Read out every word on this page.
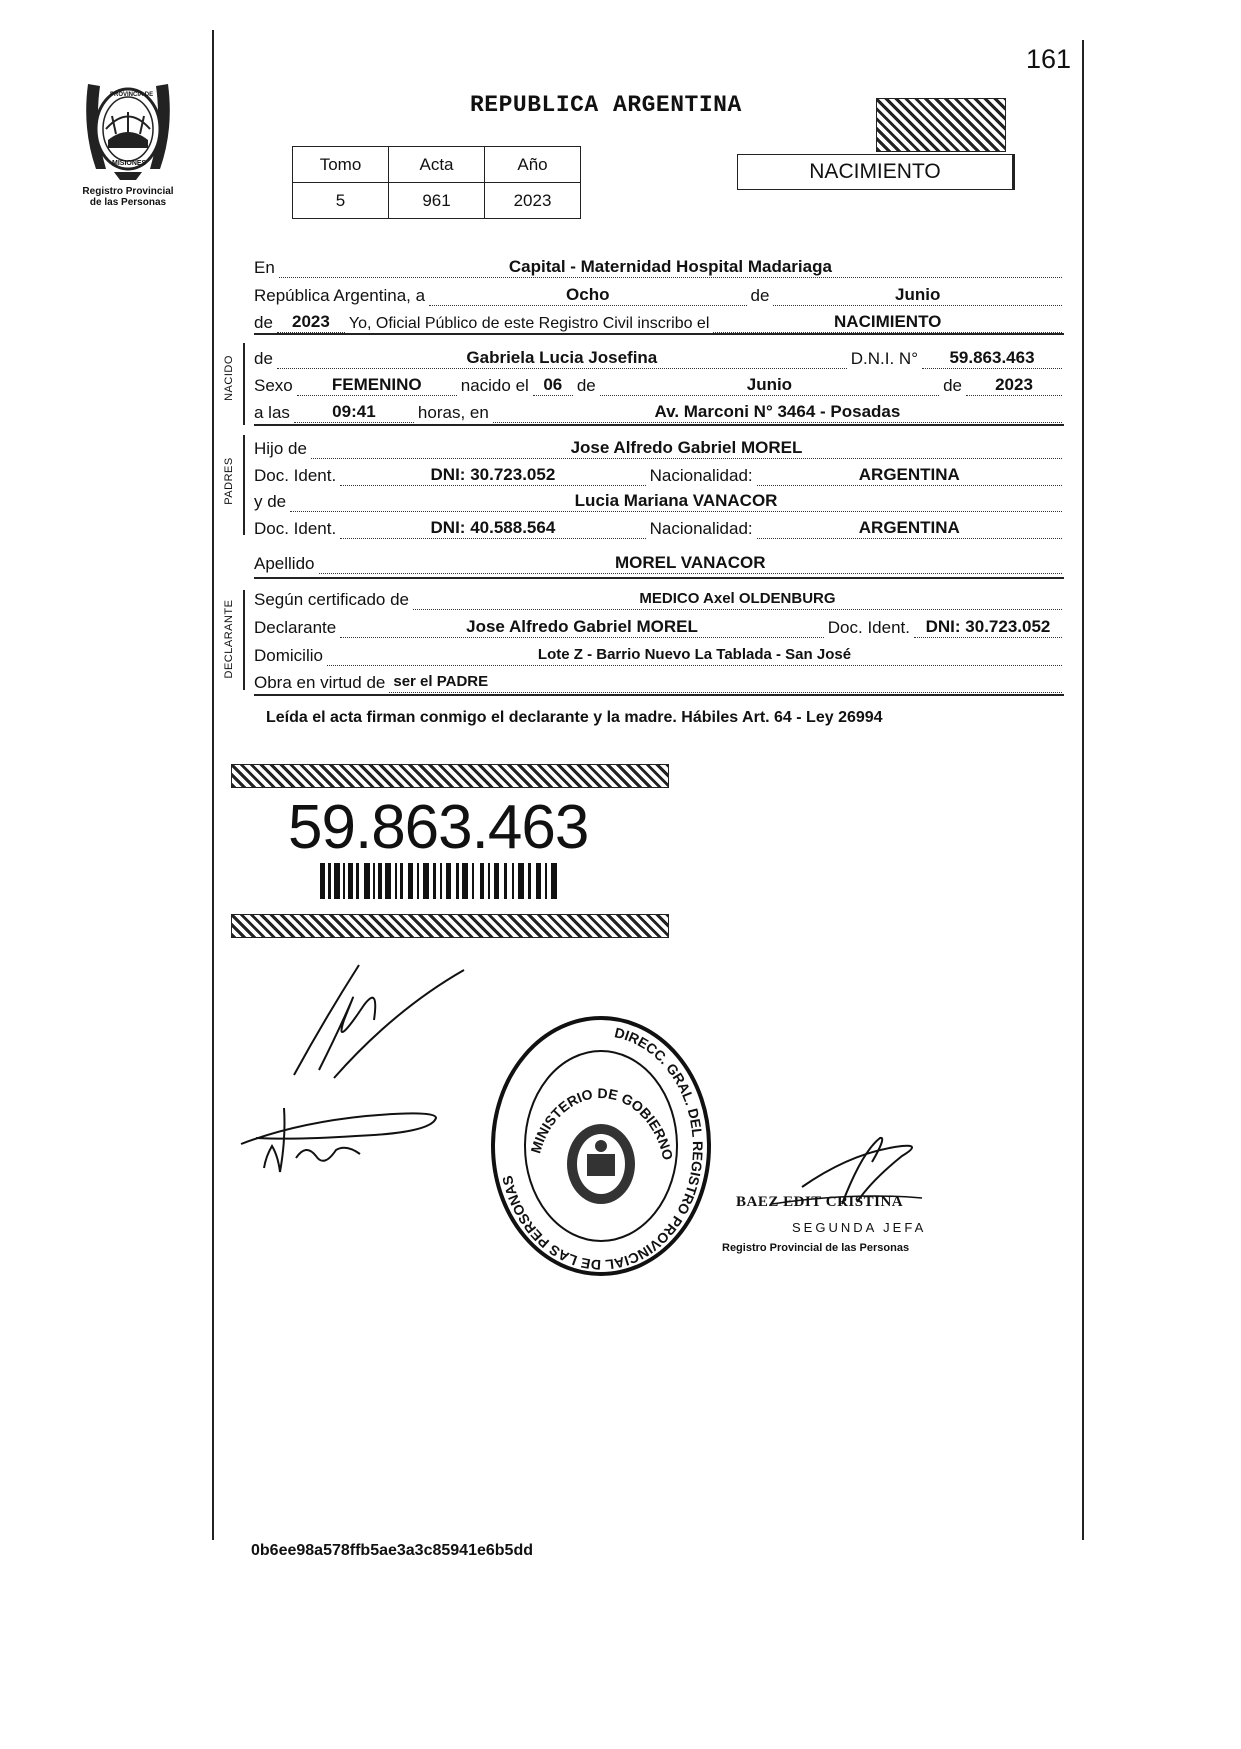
PROVINCIA DE
MISIONES
Registro Provincial
de las Personas
161
REPUBLICA ARGENTINA
Tomo	Acta	Año
5	961	2023
NACIMIENTO
En	Capital - Maternidad Hospital Madariaga
República Argentina, a	Ocho	de	Junio
de	2023	Yo, Oficial Público de este Registro Civil inscribo el	NACIMIENTO
NACIDO de	Gabriela Lucia Josefina	D.N.I. N°	59.863.463
Sexo	FEMENINO	nacido el 06 de	Junio	de	2023
a las	09:41	horas, en	Av. Marconi N° 3464 - Posadas
PADRES
Hijo de	Jose Alfredo Gabriel MOREL
Doc. Ident.	DNI: 30.723.052	Nacionalidad:	ARGENTINA
y de	Lucia Mariana VANACOR
Doc. Ident.	DNI: 40.588.564	Nacionalidad:	ARGENTINA
Apellido	MOREL VANACOR
DECLARANTE
Según certificado de	MEDICO Axel OLDENBURG
Declarante	Jose Alfredo Gabriel MOREL	Doc. Ident. DNI: 30.723.052
Domicilio	Lote Z - Barrio Nuevo La Tablada - San José
Obra en virtud de ser el PADRE
Leída el acta firman conmigo el declarante y la madre. Hábiles Art. 64 - Ley 26994
59.863.463
DIRECC. GRAL. DEL REGISTRO PROVINCIAL DE LAS PERSONAS
MINISTERIO DE GOBIERNO
BAEZ EDIT CRISTINA
SEGUNDA JEFA
Registro Provincial de las Personas
0b6ee98a578ffb5ae3a3c85941e6b5dd
